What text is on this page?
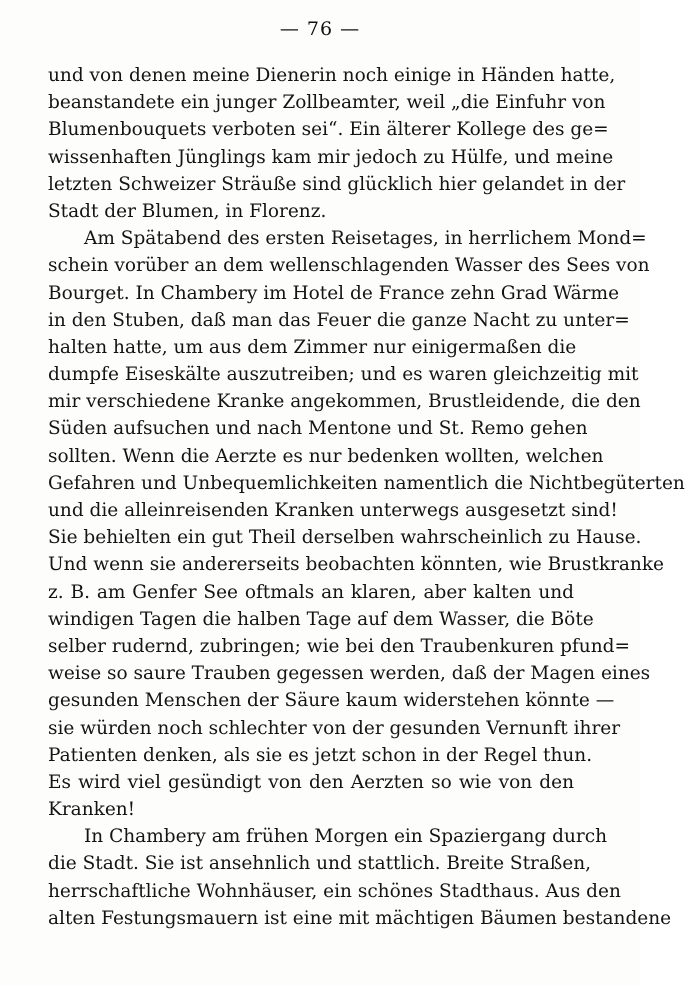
— 76 —
und von denen meine Dienerin noch einige in Händen hatte,
beanstandete ein junger Zollbeamter, weil „die Einfuhr von
Blumenbouquets verboten sei“. Ein älterer Kollege des ge=
wissenhaften Jünglings kam mir jedoch zu Hülfe, und meine
letzten Schweizer Sträuße sind glücklich hier gelandet in der
Stadt der Blumen, in Florenz.
Am Spätabend des ersten Reisetages, in herrlichem Mond=
schein vorüber an dem wellenschlagenden Wasser des Sees von
Bourget. In Chambery im Hotel de France zehn Grad Wärme
in den Stuben, daß man das Feuer die ganze Nacht zu unter=
halten hatte, um aus dem Zimmer nur einigermaßen die
dumpfe Eiseskälte auszutreiben; und es waren gleichzeitig mit
mir verschiedene Kranke angekommen, Brustleidende, die den
Süden aufsuchen und nach Mentone und St. Remo gehen
sollten. Wenn die Aerzte es nur bedenken wollten, welchen
Gefahren und Unbequemlichkeiten namentlich die Nichtbegüterten
und die alleinreisenden Kranken unterwegs ausgesetzt sind!
Sie behielten ein gut Theil derselben wahrscheinlich zu Hause.
Und wenn sie andererseits beobachten könnten, wie Brustkranke
z. B. am Genfer See oftmals an klaren, aber kalten und
windigen Tagen die halben Tage auf dem Wasser, die Böte
selber rudernd, zubringen; wie bei den Traubenkuren pfund=
weise so saure Trauben gegessen werden, daß der Magen eines
gesunden Menschen der Säure kaum widerstehen könnte —
sie würden noch schlechter von der gesunden Vernunft ihrer
Patienten denken, als sie es jetzt schon in der Regel thun.
Es wird viel gesündigt von den Aerzten so wie von den
Kranken!
In Chambery am frühen Morgen ein Spaziergang durch
die Stadt. Sie ist ansehnlich und stattlich. Breite Straßen,
herrschaftliche Wohnhäuser, ein schönes Stadthaus. Aus den
alten Festungsmauern ist eine mit mächtigen Bäumen bestandene
